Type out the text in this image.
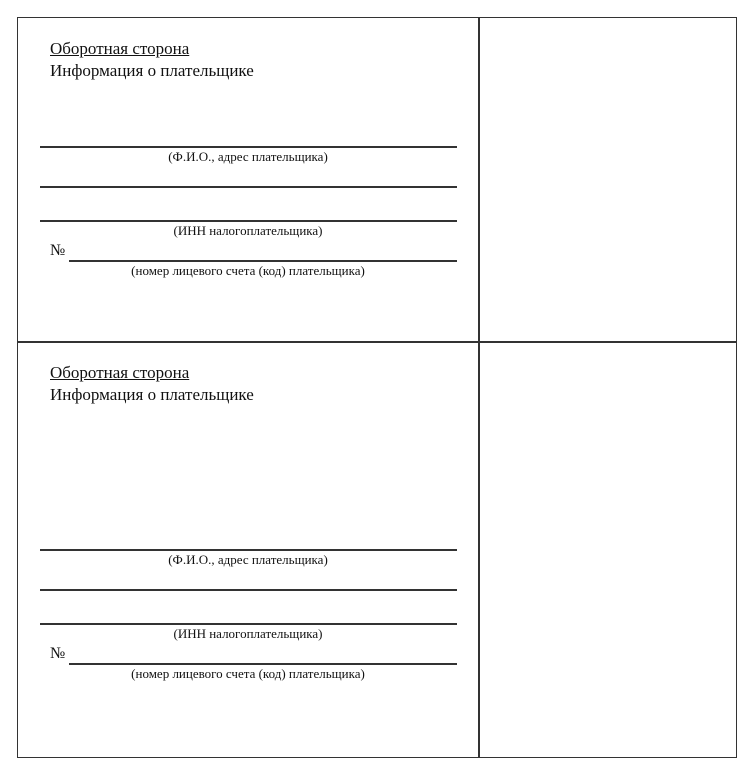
Оборотная сторона
Информация о плательщике
(Ф.И.О., адрес плательщика)
(ИНН налогоплательщика)
№
(номер лицевого счета (код) плательщика)
Оборотная сторона
Информация о плательщике
(Ф.И.О., адрес плательщика)
(ИНН налогоплательщика)
№
(номер лицевого счета (код) плательщика)
